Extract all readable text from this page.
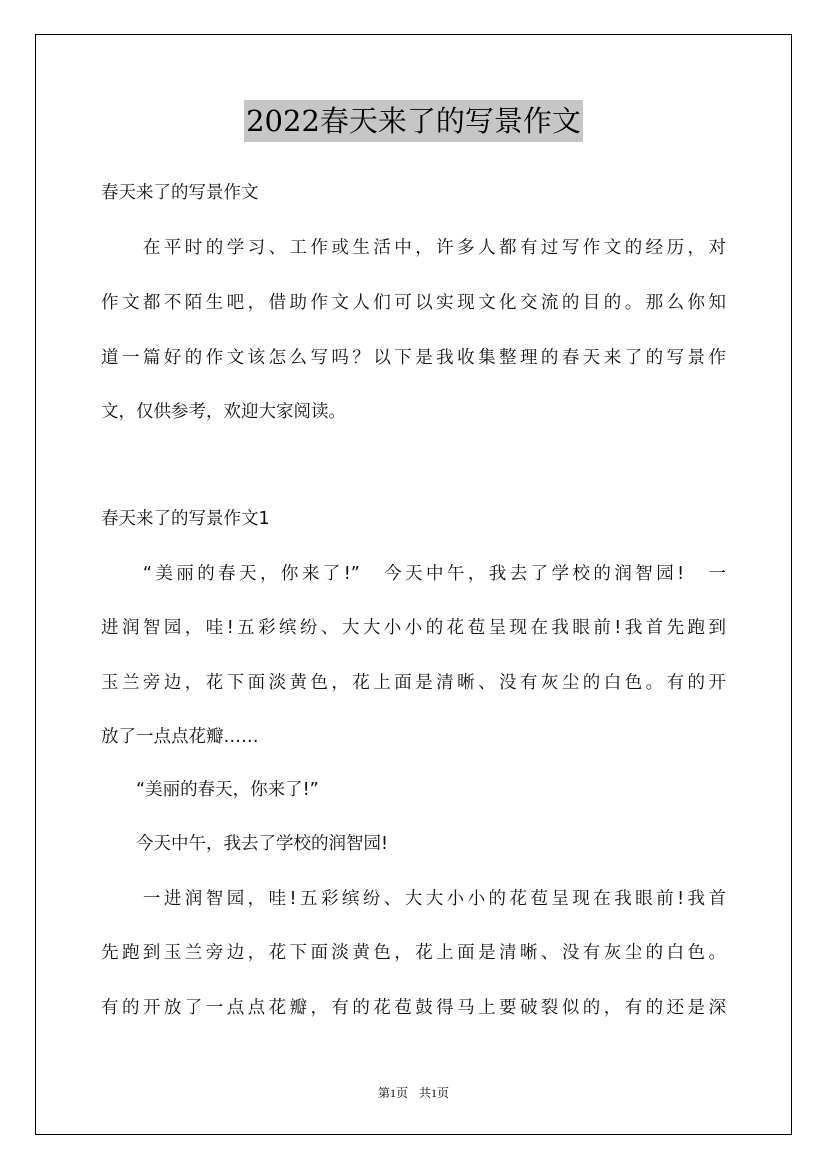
2022春天来了的写景作文
春天来了的写景作文
　　在平时的学习、工作或生活中，许多人都有过写作文的经历，对
作文都不陌生吧，借助作文人们可以实现文化交流的目的。那么你知
道一篇好的作文该怎么写吗？以下是我收集整理的春天来了的写景作
文，仅供参考，欢迎大家阅读。
春天来了的写景作文1
　　“美丽的春天，你来了!”　今天中午，我去了学校的润智园!　一
进润智园，哇!五彩缤纷、大大小小的花苞呈现在我眼前!我首先跑到
玉兰旁边，花下面淡黄色，花上面是清晰、没有灰尘的白色。有的开
放了一点点花瓣……
　　“美丽的春天，你来了!”
　　今天中午，我去了学校的润智园!
　　一进润智园，哇!五彩缤纷、大大小小的花苞呈现在我眼前!我首
先跑到玉兰旁边，花下面淡黄色，花上面是清晰、没有灰尘的白色。
有的开放了一点点花瓣，有的花苞鼓得马上要破裂似的，有的还是深
第1页 共1页
